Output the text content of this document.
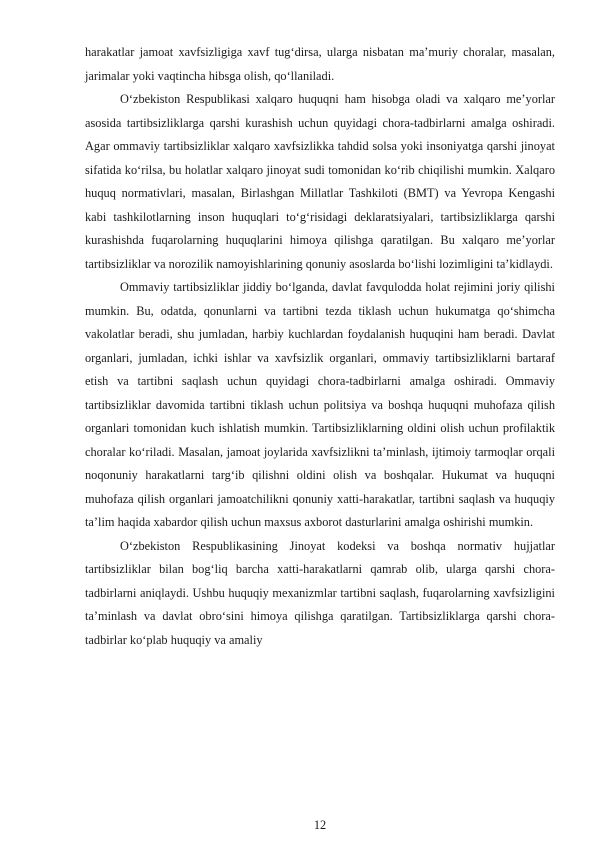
harakatlar jamoat xavfsizligiga xavf tug‘dirsa, ularga nisbatan ma’muriy choralar, masalan, jarimalar yoki vaqtincha hibsga olish, qo‘llaniladi.

O‘zbekiston Respublikasi xalqaro huquqni ham hisobga oladi va xalqaro me’yorlar asosida tartibsizliklarga qarshi kurashish uchun quyidagi chora-tadbirlarni amalga oshiradi. Agar ommaviy tartibsizliklar xalqaro xavfsizlikka tahdid solsa yoki insoniyatga qarshi jinoyat sifatida ko‘rilsa, bu holatlar xalqaro jinoyat sudi tomonidan ko‘rib chiqilishi mumkin. Xalqaro huquq normativlari, masalan, Birlashgan Millatlar Tashkiloti (BMT) va Yevropa Kengashi kabi tashkilotlarning inson huquqlari to‘g‘risidagi deklaratsiyalari, tartibsizliklarga qarshi kurashishda fuqarolarning huquqlarini himoya qilishga qaratilgan. Bu xalqaro me’yorlar tartibsizliklar va norozilik namoyishlarining qonuniy asoslarda bo‘lishi lozimligini ta’kidlaydi.

Ommaviy tartibsizliklar jiddiy bo‘lganda, davlat favqulodda holat rejimini joriy qilishi mumkin. Bu, odatda, qonunlarni va tartibni tezda tiklash uchun hukumatga qo‘shimcha vakolatlar beradi, shu jumladan, harbiy kuchlardan foydalanish huquqini ham beradi. Davlat organlari, jumladan, ichki ishlar va xavfsizlik organlari, ommaviy tartibsizliklarni bartaraf etish va tartibni saqlash uchun quyidagi chora-tadbirlarni amalga oshiradi. Ommaviy tartibsizliklar davomida tartibni tiklash uchun politsiya va boshqa huquqni muhofaza qilish organlari tomonidan kuch ishlatish mumkin. Tartibsizliklarning oldini olish uchun profilaktik choralar ko‘riladi. Masalan, jamoat joylarida xavfsizlikni ta’minlash, ijtimoiy tarmoqlar orqali noqonuniy harakatlarni targ‘ib qilishni oldini olish va boshqalar. Hukumat va huquqni muhofaza qilish organlari jamoatchilikni qonuniy xatti-harakatlar, tartibni saqlash va huquqiy ta’lim haqida xabardor qilish uchun maxsus axborot dasturlarini amalga oshirishi mumkin.

O‘zbekiston Respublikasining Jinoyat kodeksi va boshqa normativ hujjatlar tartibsizliklar bilan bog‘liq barcha xatti-harakatlarni qamrab olib, ularga qarshi chora-tadbirlarni aniqlaydi. Ushbu huquqiy mexanizmlar tartibni saqlash, fuqarolarning xavfsizligini ta’minlash va davlat obro‘sini himoya qilishga qaratilgan. Tartibsizliklarga qarshi chora-tadbirlar ko‘plab huquqiy va amaliy

12
